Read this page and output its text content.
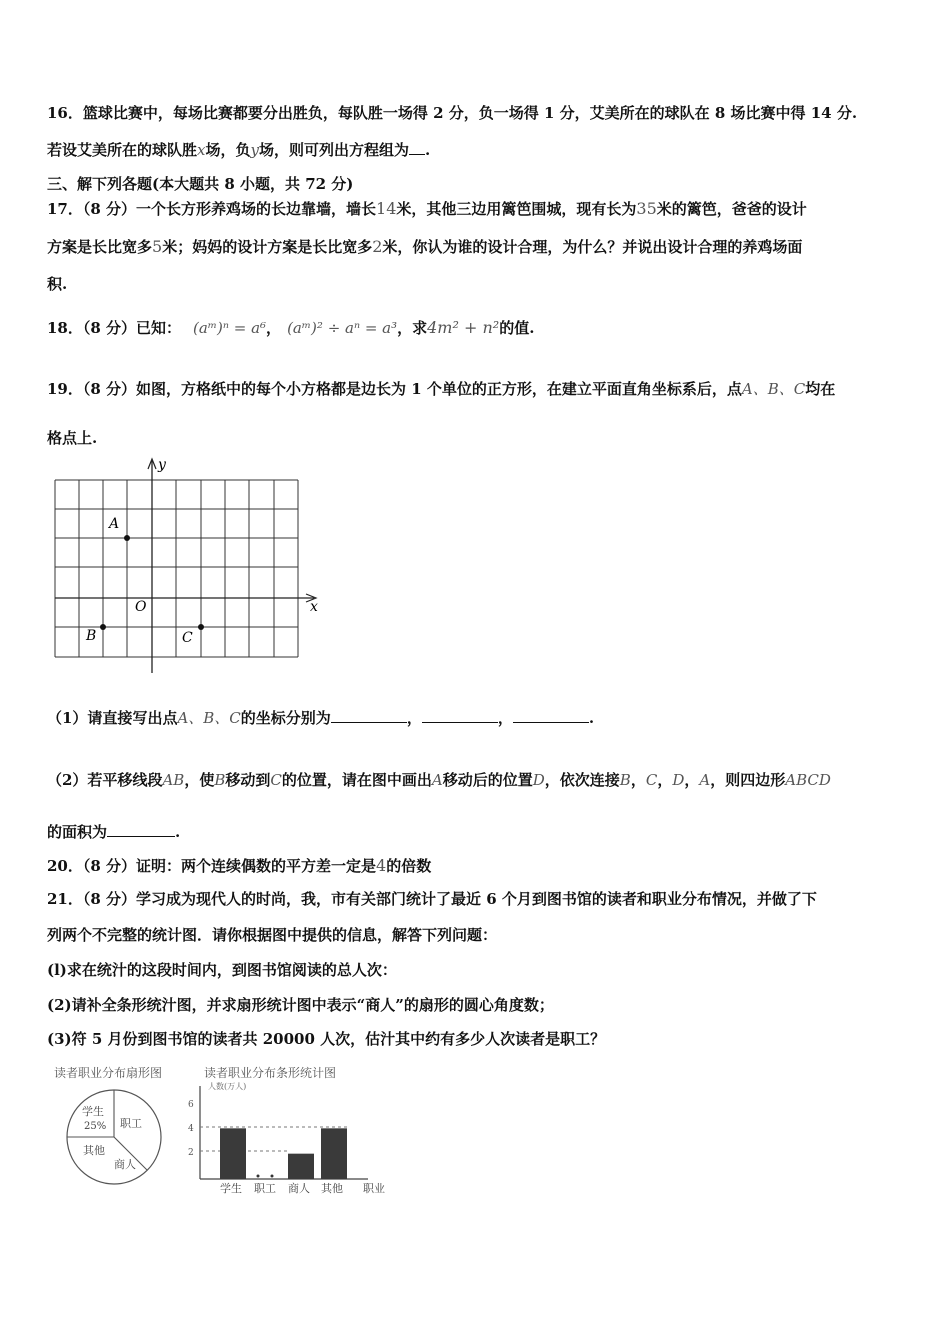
16．篮球比赛中，每场比赛都要分出胜负，每队胜一场得 2 分，负一场得 1 分，艾美所在的球队在 8 场比赛中得 14 分.
若设艾美所在的球队胜x场，负y场，则可列出方程组为 .
三、解下列各题(本大题共 8 小题，共 72 分)
17．（8 分）一个长方形养鸡场的长边靠墙，墙长14米，其他三边用篱笆围城，现有长为35米的篱笆，爸爸的设计
方案是长比宽多5米；妈妈的设计方案是长比宽多2米，你认为谁的设计合理，为什么？并说出设计合理的养鸡场面
积.
18．（8 分）已知： (aᵐ)ⁿ = a⁶， (aᵐ)² ÷ aⁿ = a³，求4m² + n²的值.
19．（8 分）如图，方格纸中的每个小方格都是边长为 1 个单位的正方形，在建立平面直角坐标系后，点A、B、C均在
格点上.
y
x
O
A
B	C
（1）请直接写出点A、B、C的坐标分别为	，	，	.
（2）若平移线段AB，使B移动到C的位置，请在图中画出A移动后的位置D，依次连接B，C，D，A，则四边形ABCD
的面积为	.
20．（8 分）证明：两个连续偶数的平方差一定是4的倍数
21．（8 分）学习成为现代人的时尚，我，市有关部门统计了最近 6 个月到图书馆的读者和职业分布情况，并做了下
列两个不完整的统计图．请你根据图中提供的信息，解答下列问题：
(l)求在统汁的这段时间内，到图书馆阅读的总人次：
(2)请补全条形统汁图，并求扇形统计图中表示“商人”的扇形的圆心角度数；
(3)符 5 月份到图书馆的读者共 20000 人次，估汁其中约有多少人次读者是职工？
读者职业分布扇形图
学生
25% 职工
其他
商人
读者职业分布条形统计图
人数(万人)
6
4
2
学生 职工 商人 其他 职业
